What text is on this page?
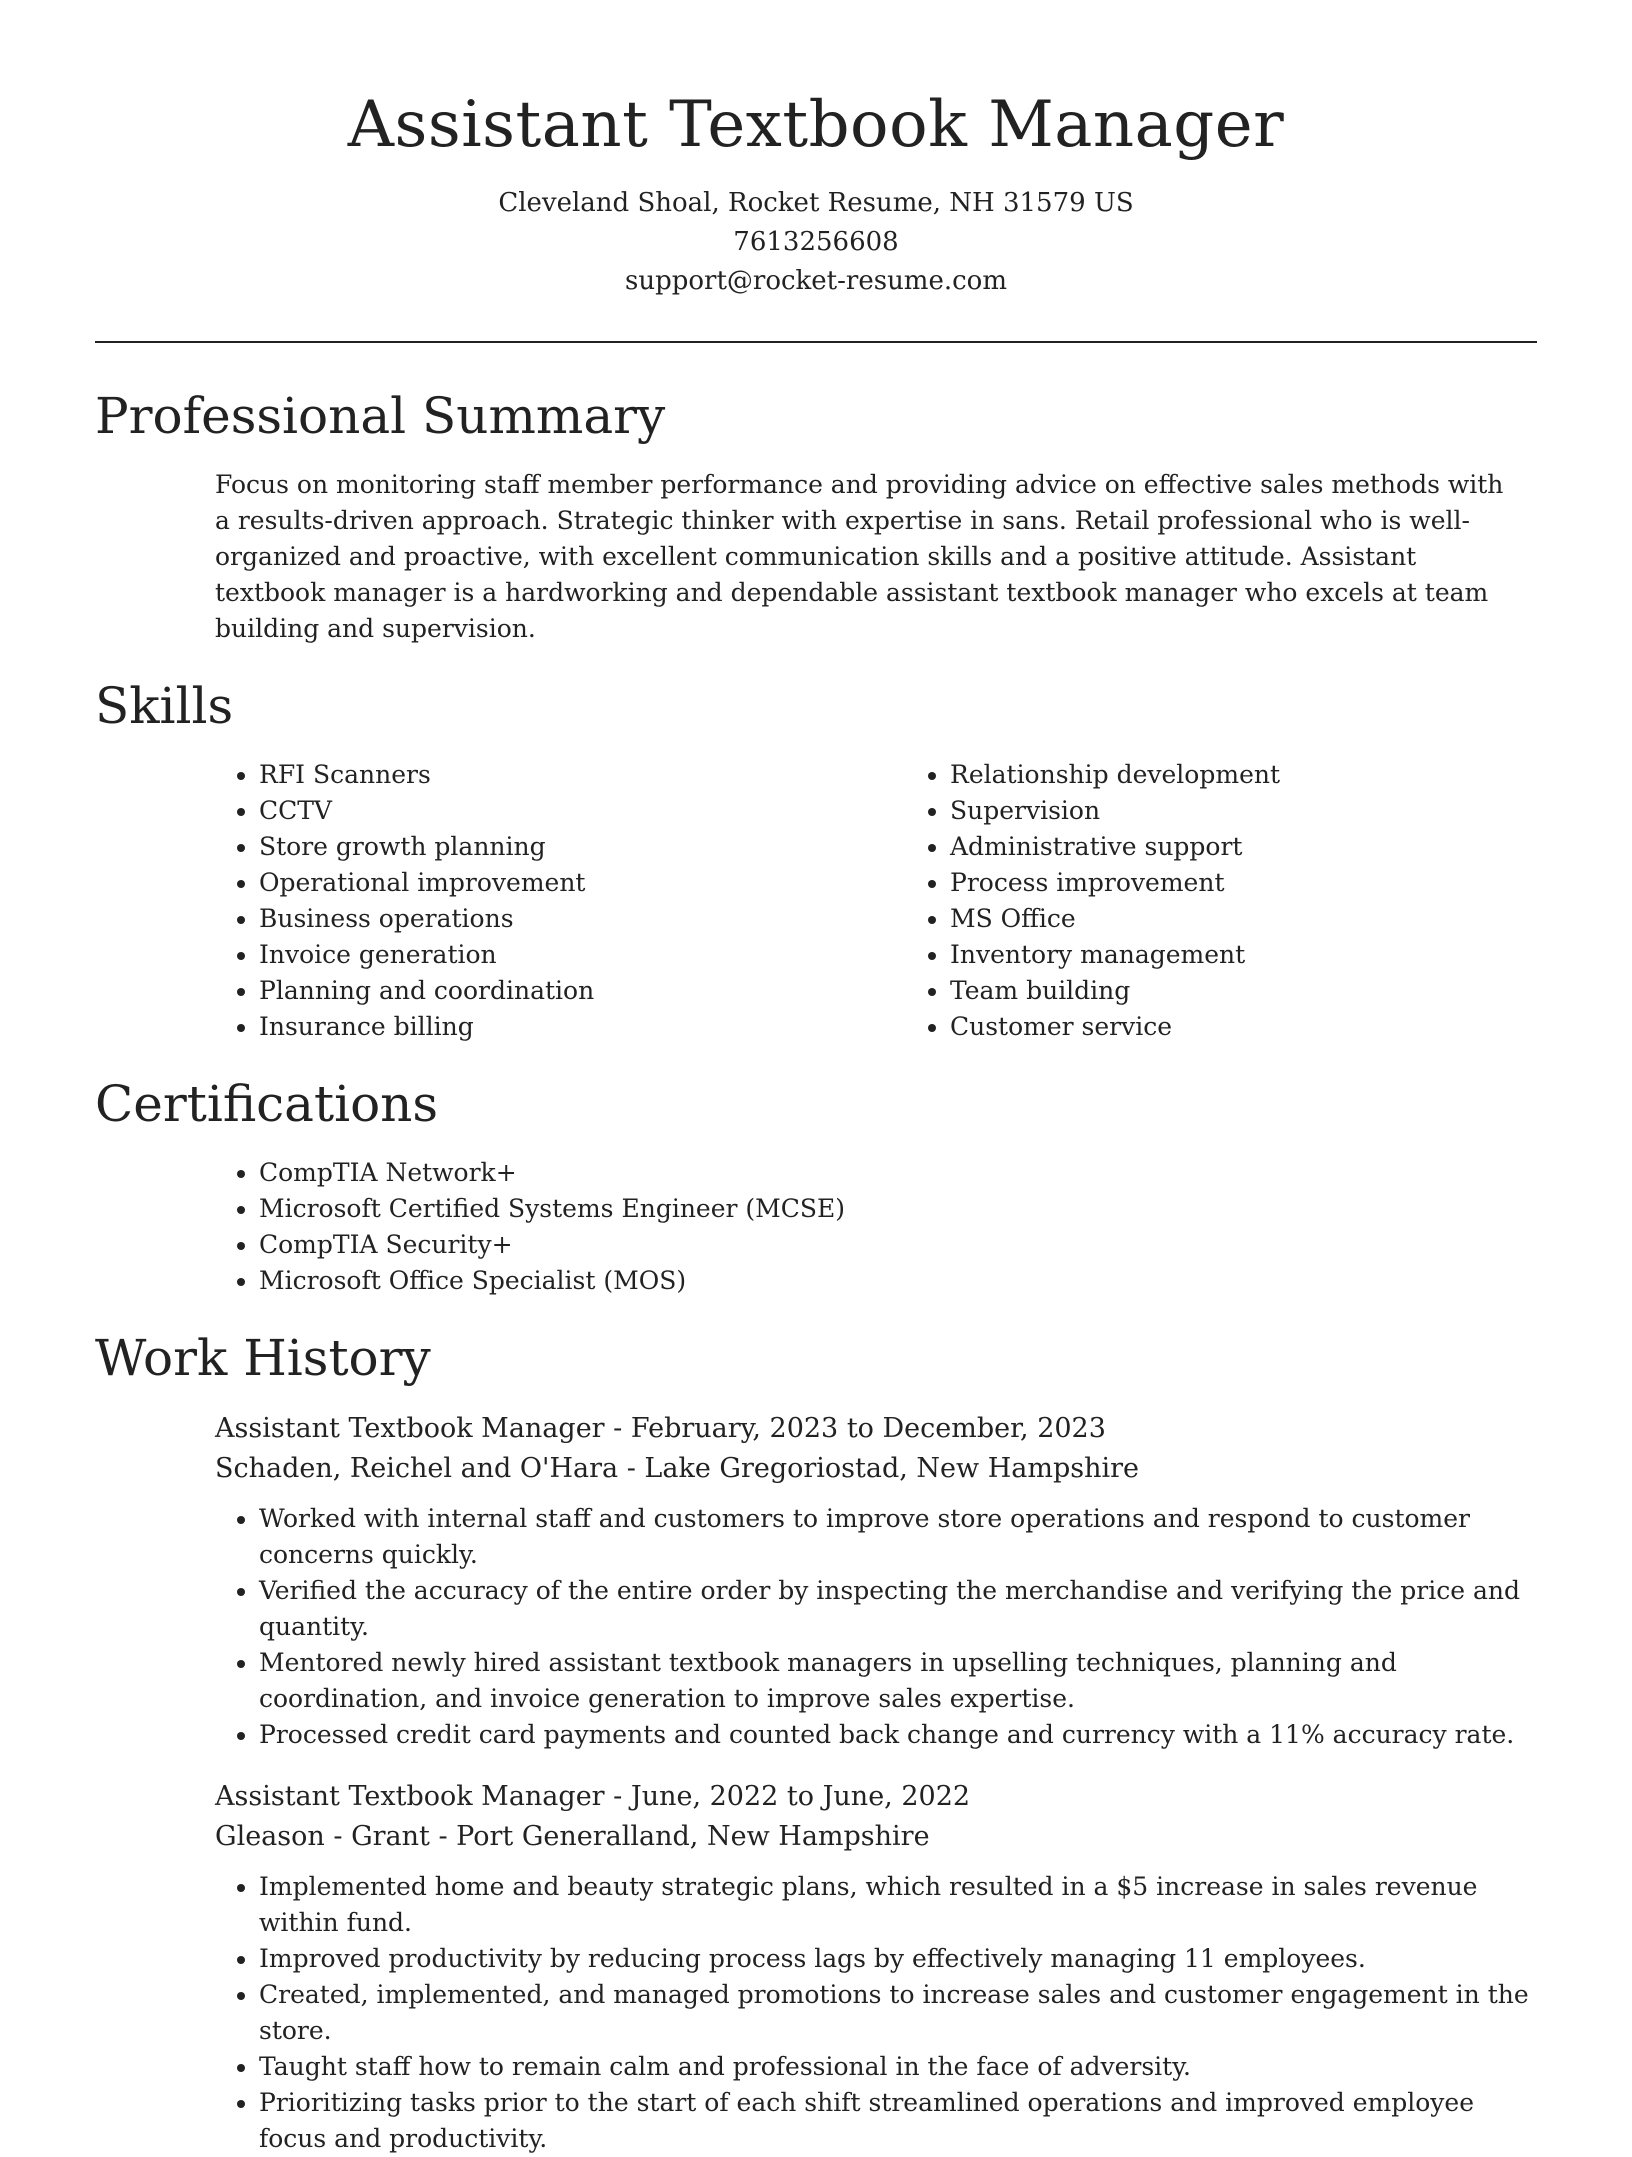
Assistant Textbook Manager
Cleveland Shoal, Rocket Resume, NH 31579 US
7613256608
support@rocket-resume.com
Professional Summary

Focus on monitoring staff member performance and providing advice on effective sales methods with a results-driven approach. Strategic thinker with expertise in sans. Retail professional who is well-organized and proactive, with excellent communication skills and a positive attitude. Assistant textbook manager is a hardworking and dependable assistant textbook manager who excels at team building and supervision.

Skills
• RFI Scanners
• CCTV
• Store growth planning
• Operational improvement
• Business operations
• Invoice generation
• Planning and coordination
• Insurance billing
• Relationship development
• Supervision
• Administrative support
• Process improvement
• MS Office
• Inventory management
• Team building
• Customer service
Certifications
• CompTIA Network+
• Microsoft Certified Systems Engineer (MCSE)
• CompTIA Security+
• Microsoft Office Specialist (MOS)
Work History
Assistant Textbook Manager - February, 2023 to December, 2023
Schaden, Reichel and O'Hara - Lake Gregoriostad, New Hampshire
• Worked with internal staff and customers to improve store operations and respond to customer concerns quickly.
• Verified the accuracy of the entire order by inspecting the merchandise and verifying the price and quantity.
• Mentored newly hired assistant textbook managers in upselling techniques, planning and coordination, and invoice generation to improve sales expertise.
• Processed credit card payments and counted back change and currency with a 11% accuracy rate.
Assistant Textbook Manager - June, 2022 to June, 2022
Gleason - Grant - Port Generalland, New Hampshire
• Implemented home and beauty strategic plans, which resulted in a $5 increase in sales revenue within fund.
• Improved productivity by reducing process lags by effectively managing 11 employees.
• Created, implemented, and managed promotions to increase sales and customer engagement in the store.
• Taught staff how to remain calm and professional in the face of adversity.
• Prioritizing tasks prior to the start of each shift streamlined operations and improved employee focus and productivity.
